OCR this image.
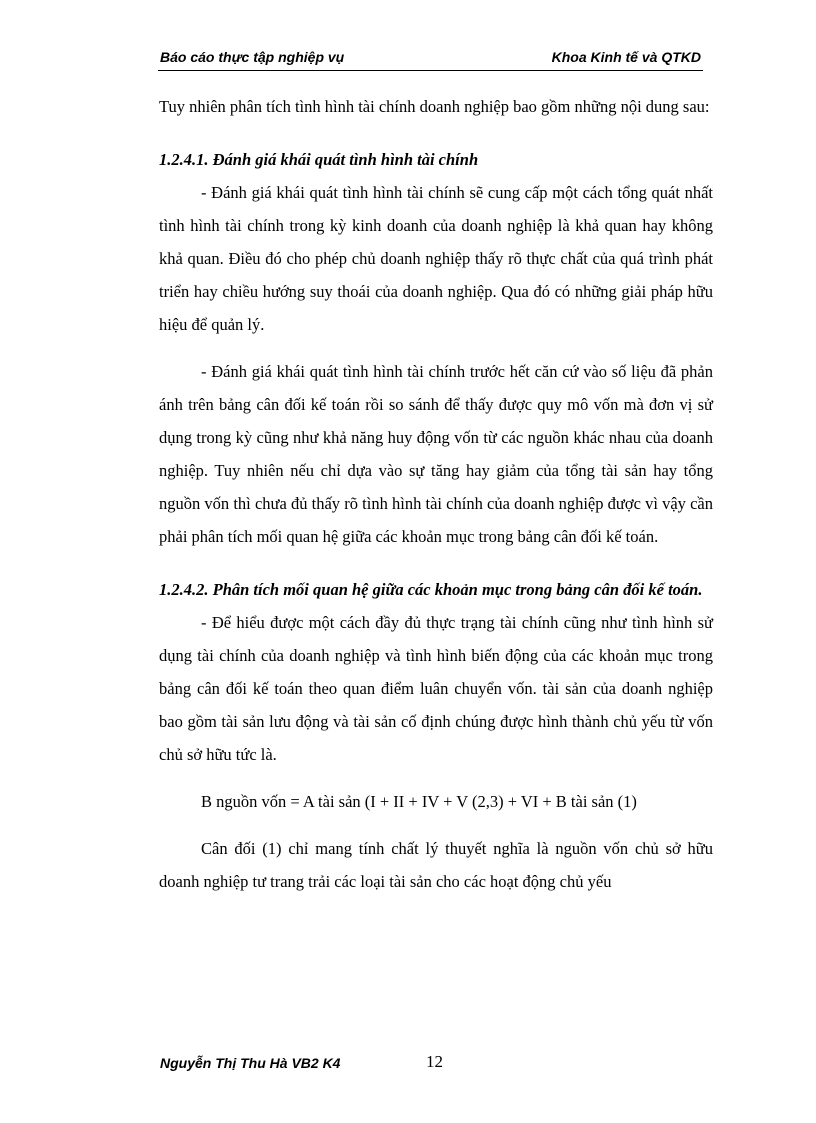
Báo cáo thực tập nghiệp vụ	Khoa Kinh tế và QTKD

Tuy nhiên phân tích tình hình tài chính doanh nghiệp bao gồm những nội dung sau:

1.2.4.1. Đánh giá khái quát tình hình tài chính

- Đánh giá khái quát tình hình tài chính sẽ cung cấp một cách tổng quát nhất tình hình tài chính trong kỳ kinh doanh của doanh nghiệp là khả quan hay không khả quan. Điều đó cho phép chủ doanh nghiệp thấy rõ thực chất của quá trình phát triển hay chiều hướng suy thoái của doanh nghiệp. Qua đó có những giải pháp hữu hiệu để quản lý.

- Đánh giá khái quát tình hình tài chính trước hết căn cứ vào số liệu đã phản ánh trên bảng cân đối kế toán rồi so sánh để thấy được quy mô vốn mà đơn vị sử dụng trong kỳ cũng như khả năng huy động vốn từ các nguồn khác nhau của doanh nghiệp. Tuy nhiên nếu chỉ dựa vào sự tăng hay giảm của tổng tài sản hay tổng nguồn vốn thì chưa đủ thấy rõ tình hình tài chính của doanh nghiệp được vì vậy cần phải phân tích mối quan hệ giữa các khoản mục trong bảng cân đối kế toán.

1.2.4.2. Phân tích mối quan hệ giữa các khoản mục trong bảng cân đối kế toán.

- Để hiểu được một cách đầy đủ thực trạng tài chính cũng như tình hình sử dụng tài chính của doanh nghiệp và tình hình biến động của các khoản mục trong bảng cân đối kế toán theo quan điểm luân chuyển vốn. tài sản của doanh nghiệp bao gồm tài sản lưu động và tài sản cố định chúng được hình thành chủ yếu từ vốn chủ sở hữu tức là.

B nguồn vốn = A tài sản (I + II + IV + V (2,3) + VI + B tài sản (1)

Cân đối (1) chỉ mang tính chất lý thuyết nghĩa là nguồn vốn chủ sở hữu doanh nghiệp tư trang trải các loại tài sản cho các hoạt động chủ yếu

Nguyễn Thị Thu Hà VB2 K4	12
